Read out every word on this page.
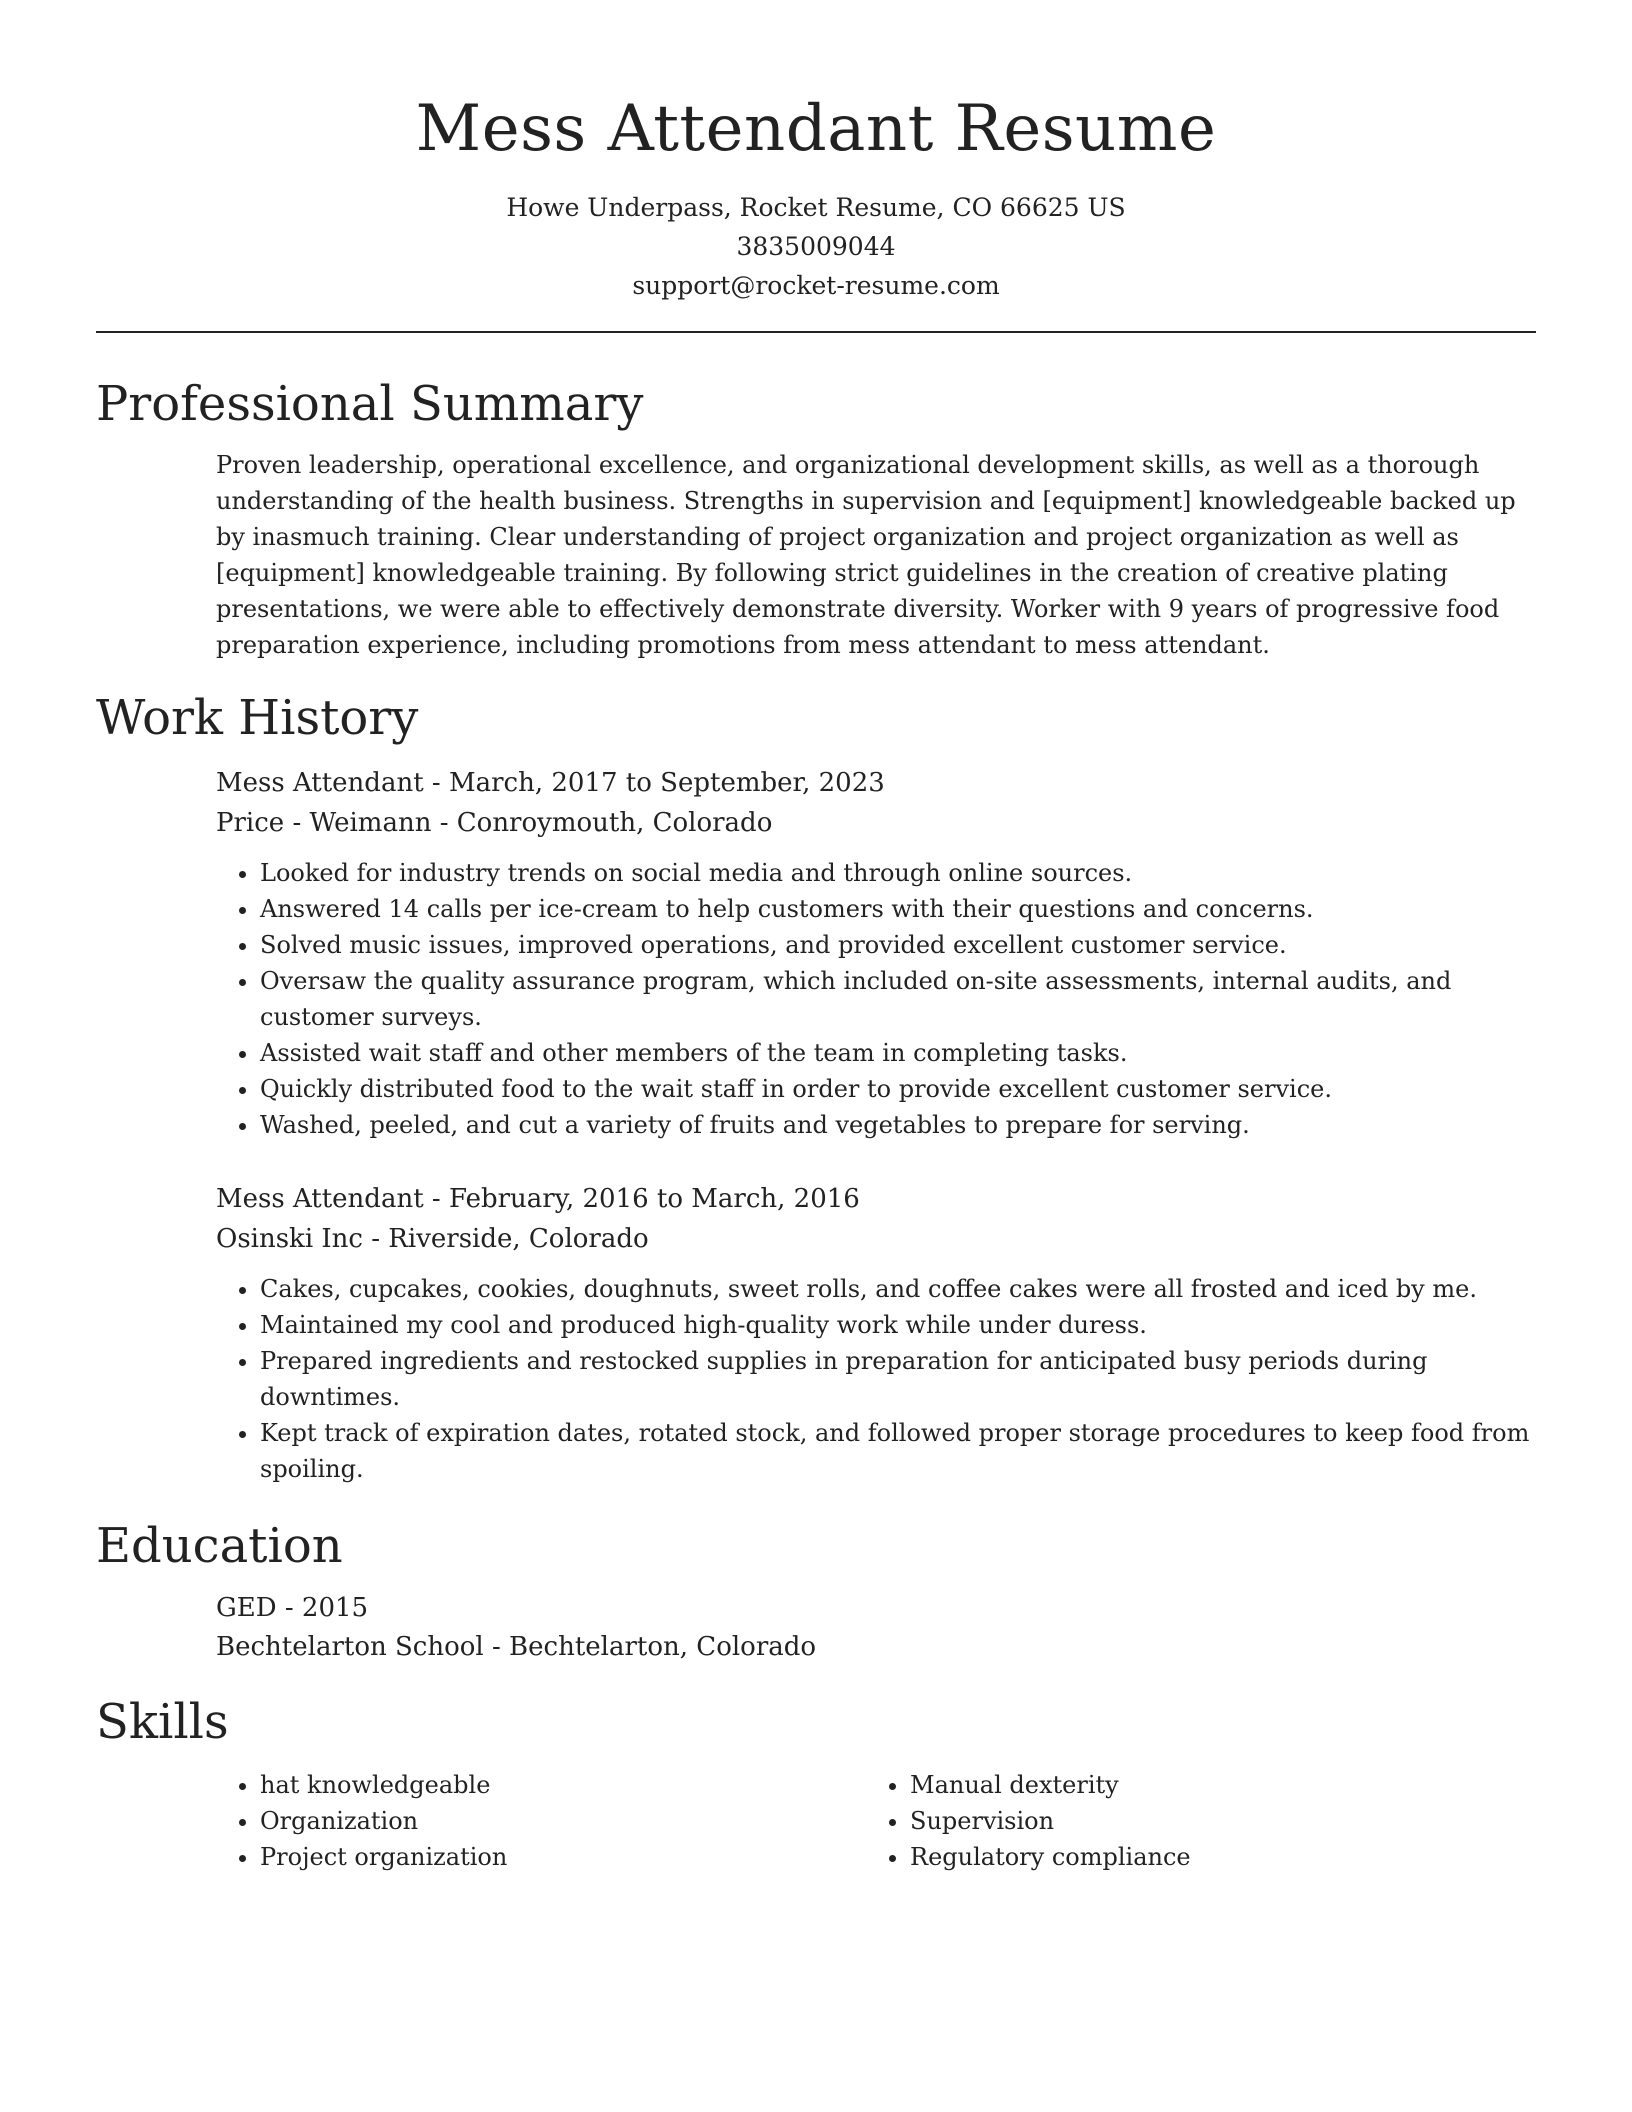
Mess Attendant Resume
Howe Underpass, Rocket Resume, CO 66625 US
3835009044
support@rocket-resume.com
Professional Summary
Proven leadership, operational excellence, and organizational development skills, as well as a thorough understanding of the health business. Strengths in supervision and [equipment] knowledgeable backed up by inasmuch training. Clear understanding of project organization and project organization as well as [equipment] knowledgeable training. By following strict guidelines in the creation of creative plating presentations, we were able to effectively demonstrate diversity. Worker with 9 years of progressive food preparation experience, including promotions from mess attendant to mess attendant.
Work History
Mess Attendant - March, 2017 to September, 2023
Price - Weimann - Conroymouth, Colorado
• Looked for industry trends on social media and through online sources.
• Answered 14 calls per ice-cream to help customers with their questions and concerns.
• Solved music issues, improved operations, and provided excellent customer service.
• Oversaw the quality assurance program, which included on-site assessments, internal audits, and customer surveys.
• Assisted wait staff and other members of the team in completing tasks.
• Quickly distributed food to the wait staff in order to provide excellent customer service.
• Washed, peeled, and cut a variety of fruits and vegetables to prepare for serving.
Mess Attendant - February, 2016 to March, 2016
Osinski Inc - Riverside, Colorado
• Cakes, cupcakes, cookies, doughnuts, sweet rolls, and coffee cakes were all frosted and iced by me.
• Maintained my cool and produced high-quality work while under duress.
• Prepared ingredients and restocked supplies in preparation for anticipated busy periods during downtimes.
• Kept track of expiration dates, rotated stock, and followed proper storage procedures to keep food from spoiling.
Education
GED - 2015
Bechtelarton School - Bechtelarton, Colorado
Skills
• hat knowledgeable
• Organization
• Project organization
• Manual dexterity
• Supervision
• Regulatory compliance
